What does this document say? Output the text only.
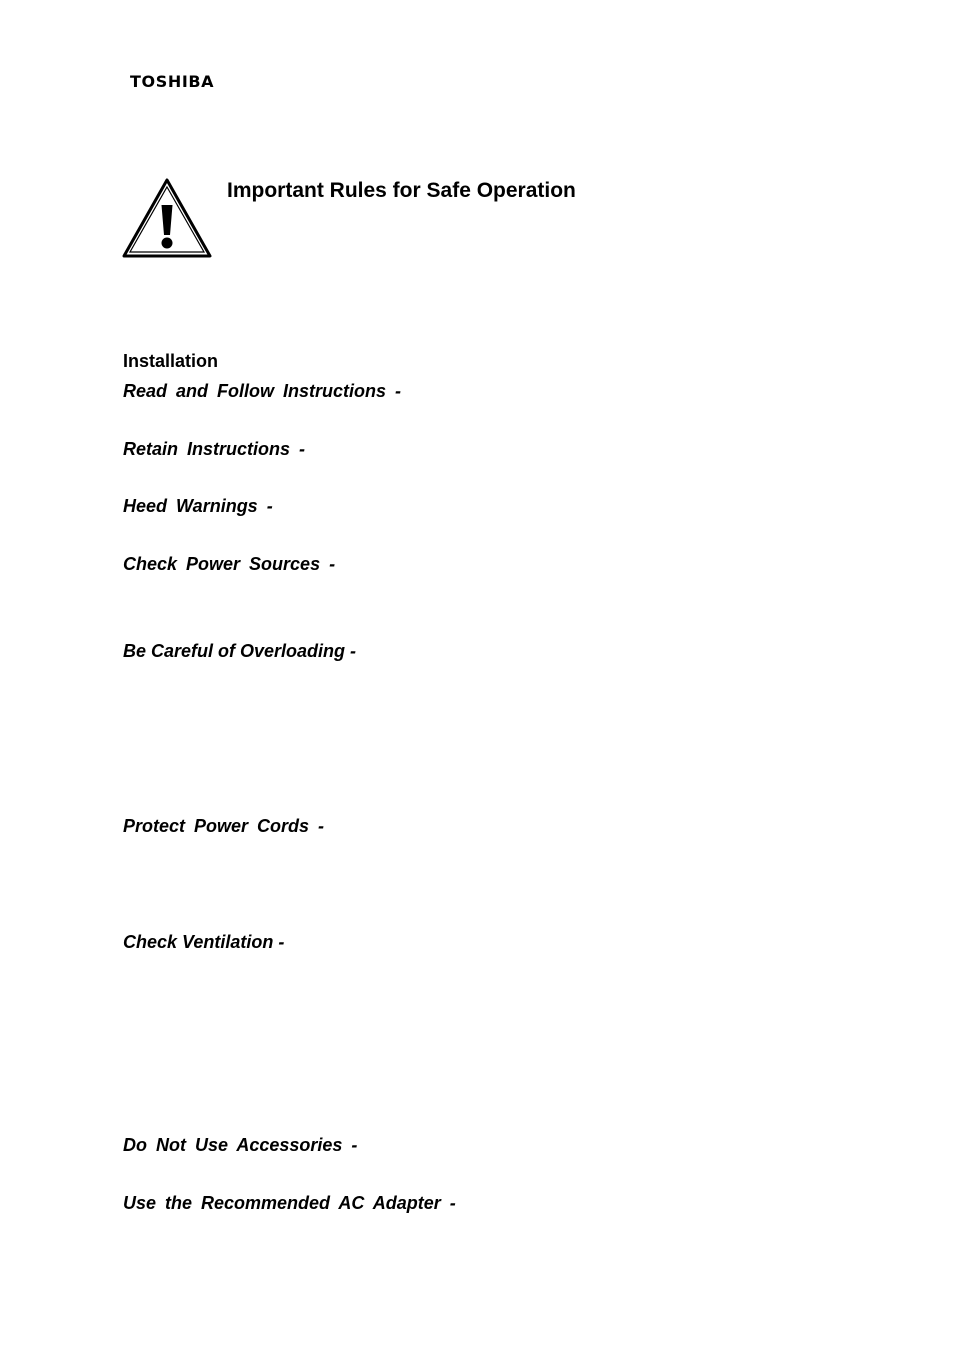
TOSHIBA
Important Rules for Safe Operation
Installation

Read and Follow Instructions -

Retain Instructions -

Heed Warnings -

Check Power Sources -

Be Careful of Overloading -

Protect Power Cords -

Check Ventilation -

Do Not Use Accessories -

Use the Recommended AC Adapter -
